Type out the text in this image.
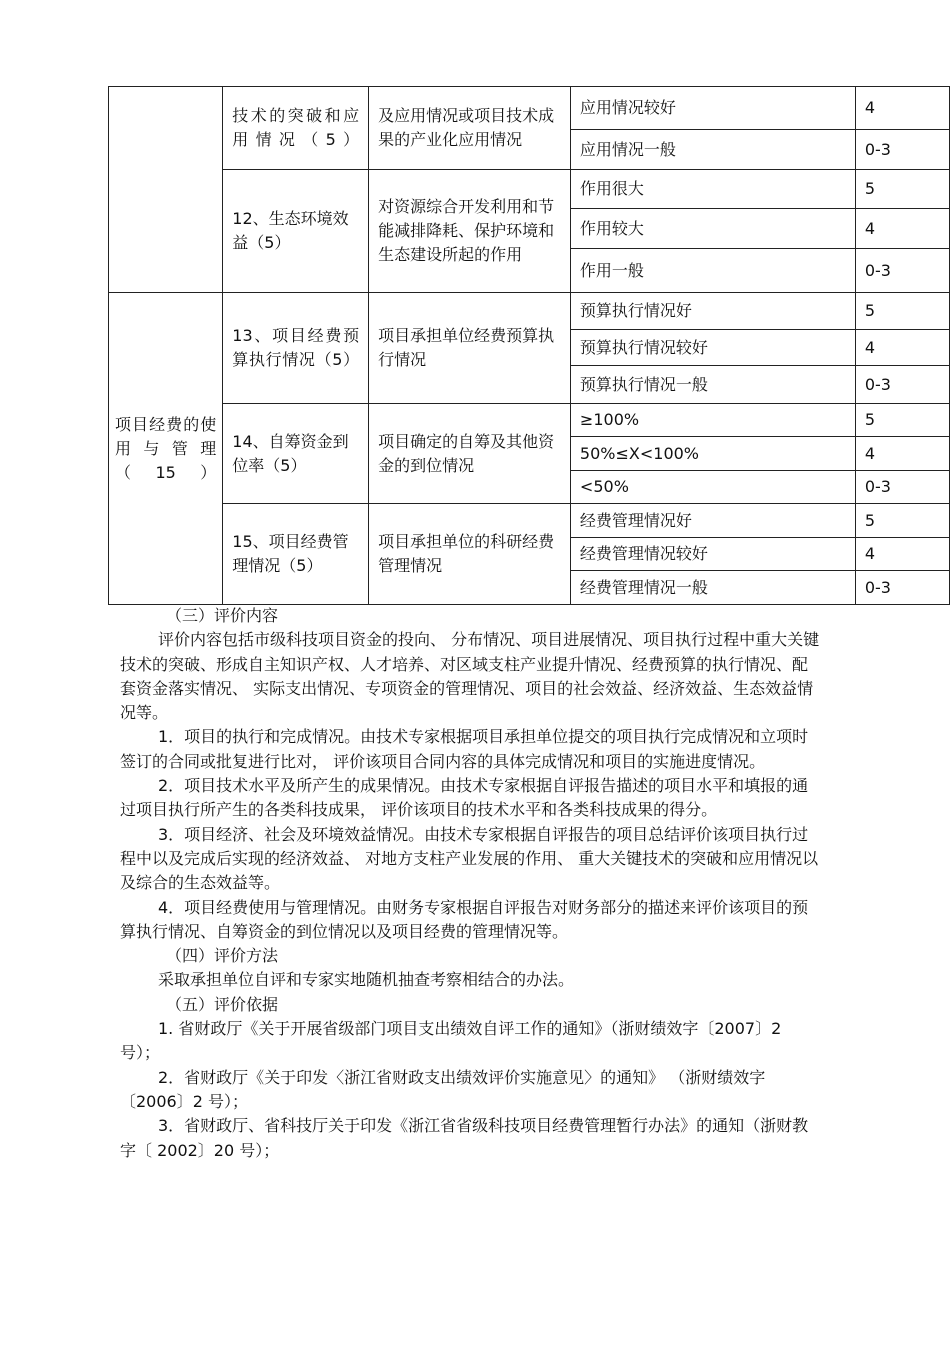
	技术的突破和应用情况（5）	及应用情况或项目技术成果的产业化应用情况	应用情况较好	4
			应用情况一般	0-3
	12、生态环境效益（5）	对资源综合开发利用和节能减排降耗、保护环境和生态建设所起的作用	作用很大	5
			作用较大	4
			作用一般	0-3
项目经费的使用与管理（15）	13、项目经费预算执行情况（5）	项目承担单位经费预算执行情况	预算执行情况好	5
			预算执行情况较好	4
			预算执行情况一般	0-3
	14、自筹资金到位率（5）	项目确定的自筹及其他资金的到位情况	≥100%	5
			50%≤X<100%	4
			<50%	0-3
	15、项目经费管理情况（5）	项目承担单位的科研经费管理情况	经费管理情况好	5
			经费管理情况较好	4
			经费管理情况一般	0-3

（三）评价内容

评价内容包括市级科技项目资金的投向、 分布情况、项目进展情况、项目执行过程中重大关键技术的突破、形成自主知识产权、人才培养、对区域支柱产业提升情况、经费预算的执行情况、配套资金落实情况、 实际支出情况、专项资金的管理情况、项目的社会效益、经济效益、生态效益情况等。

1．项目的执行和完成情况。由技术专家根据项目承担单位提交的项目执行完成情况和立项时签订的合同或批复进行比对， 评价该项目合同内容的具体完成情况和项目的实施进度情况。

2．项目技术水平及所产生的成果情况。由技术专家根据自评报告描述的项目水平和填报的通过项目执行所产生的各类科技成果， 评价该项目的技术水平和各类科技成果的得分。

3．项目经济、社会及环境效益情况。由技术专家根据自评报告的项目总结评价该项目执行过程中以及完成后实现的经济效益、 对地方支柱产业发展的作用、 重大关键技术的突破和应用情况以及综合的生态效益等。

4．项目经费使用与管理情况。由财务专家根据自评报告对财务部分的描述来评价该项目的预算执行情况、自筹资金的到位情况以及项目经费的管理情况等。

（四）评价方法

采取承担单位自评和专家实地随机抽查考察相结合的办法。

（五）评价依据

1. 省财政厅《关于开展省级部门项目支出绩效自评工作的通知》（浙财绩效字〔2007〕2 号）；

2．省财政厅《关于印发〈浙江省财政支出绩效评价实施意见〉的通知》 （浙财绩效字〔2006〕2 号）；

3．省财政厅、省科技厅关于印发《浙江省省级科技项目经费管理暂行办法》的通知（浙财教字〔 2002〕20 号）；
